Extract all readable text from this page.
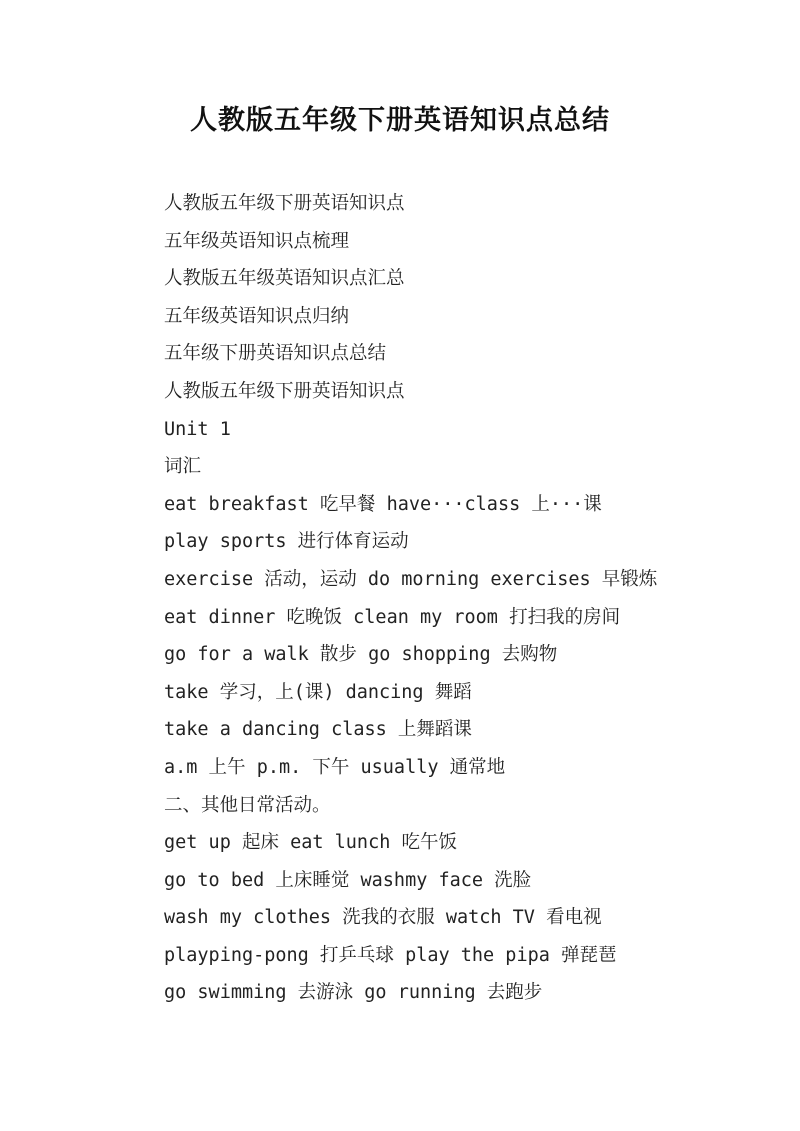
人教版五年级下册英语知识点总结
人教版五年级下册英语知识点
五年级英语知识点梳理
人教版五年级英语知识点汇总
五年级英语知识点归纳
五年级下册英语知识点总结
人教版五年级下册英语知识点
Unit 1
词汇
eat breakfast 吃早餐 have···class 上···课
play sports 进行体育运动
exercise 活动，运动 do morning exercises 早锻炼
eat dinner 吃晚饭 clean my room 打扫我的房间
go for a walk 散步 go shopping 去购物
take 学习，上(课) dancing 舞蹈
take a dancing class 上舞蹈课
a.m 上午 p.m. 下午 usually 通常地
二、其他日常活动。
get up 起床 eat lunch 吃午饭
go to bed 上床睡觉 washmy face 洗脸
wash my clothes 洗我的衣服 watch TV 看电视
playping-pong 打乒乓球 play the pipa 弹琵琶
go swimming 去游泳 go running 去跑步
